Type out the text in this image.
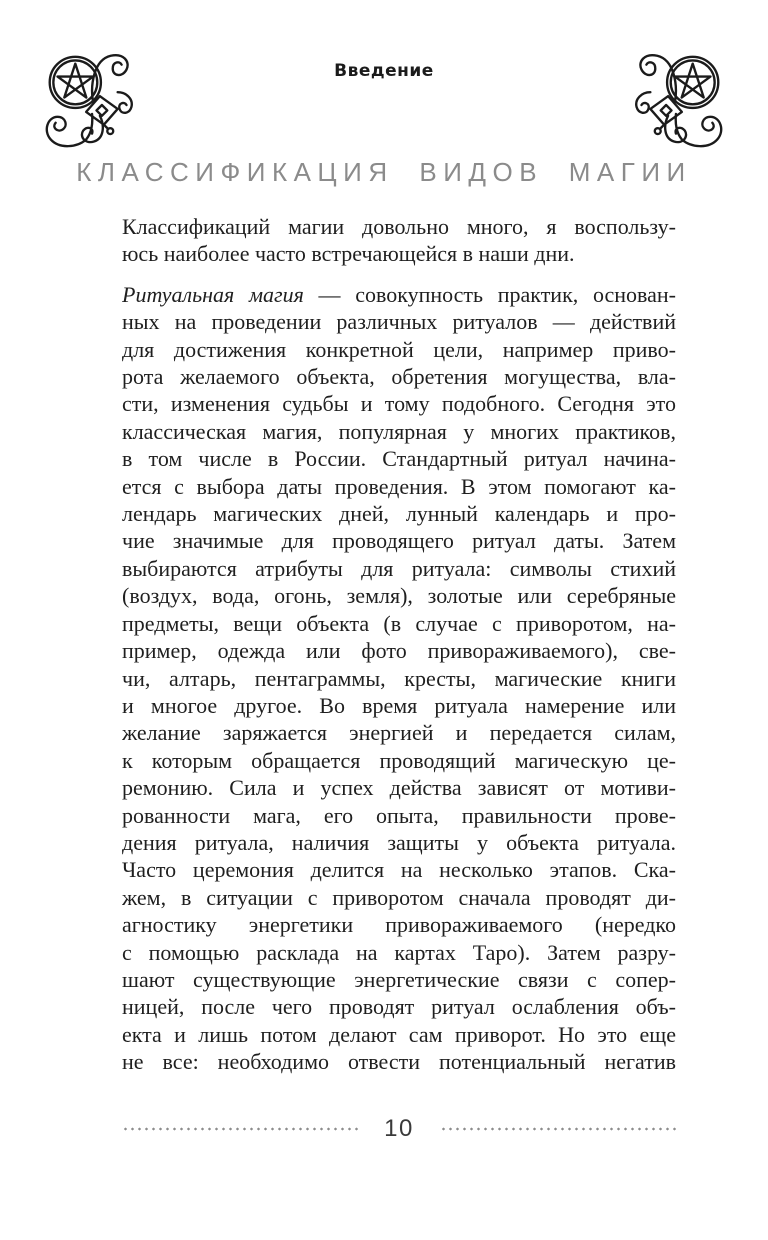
Введение
КЛАССИФИКАЦИЯ ВИДОВ МАГИИ
Классификаций магии довольно много, я воспользу-
юсь наиболее часто встречающейся в наши дни.
Ритуальная магия — совокупность практик, основан-
ных на проведении различных ритуалов — действий
для достижения конкретной цели, например приво-
рота желаемого объекта, обретения могущества, вла-
сти, изменения судьбы и тому подобного. Сегодня это
классическая магия, популярная у многих практиков,
в том числе в России. Стандартный ритуал начина-
ется с выбора даты проведения. В этом помогают ка-
лендарь магических дней, лунный календарь и про-
чие значимые для проводящего ритуал даты. Затем
выбираются атрибуты для ритуала: символы стихий
(воздух, вода, огонь, земля), золотые или серебряные
предметы, вещи объекта (в случае с приворотом, на-
пример, одежда или фото привораживаемого), све-
чи, алтарь, пентаграммы, кресты, магические книги
и многое другое. Во время ритуала намерение или
желание заряжается энергией и передается силам,
к которым обращается проводящий магическую це-
ремонию. Сила и успех действа зависят от мотиви-
рованности мага, его опыта, правильности прове-
дения ритуала, наличия защиты у объекта ритуала.
Часто церемония делится на несколько этапов. Ска-
жем, в ситуации с приворотом сначала проводят ди-
агностику энергетики привораживаемого (нередко
с помощью расклада на картах Таро). Затем разру-
шают существующие энергетические связи с сопер-
ницей, после чего проводят ритуал ослабления объ-
екта и лишь потом делают сам приворот. Но это еще
не все: необходимо отвести потенциальный негатив
10
